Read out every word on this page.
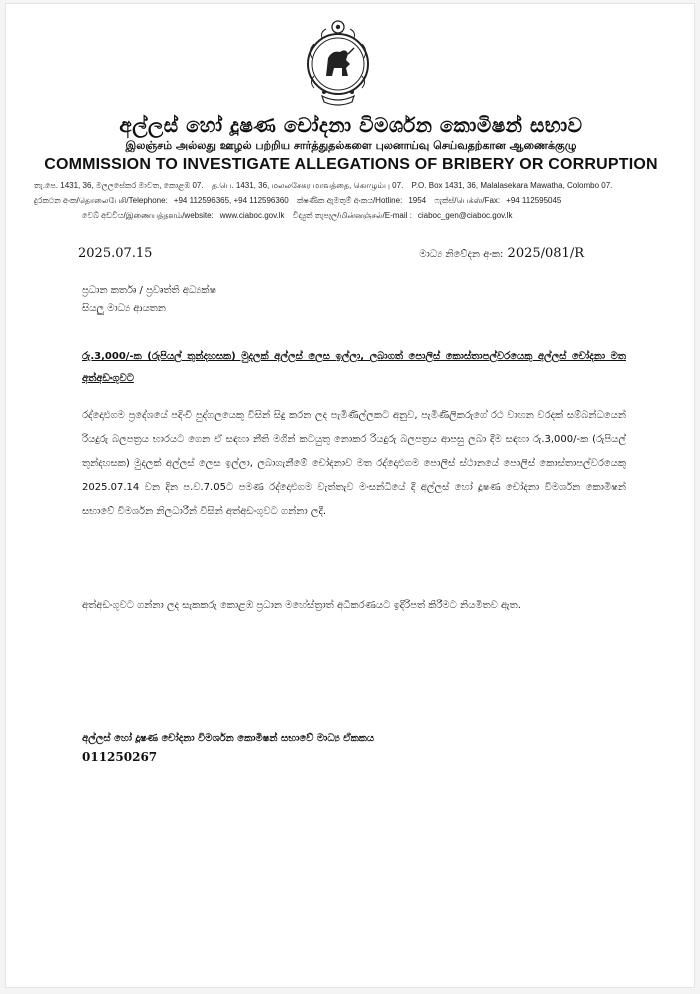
අල්ලස් හෝ දූෂණ චෝදනා විමර්ශන කොමිෂන් සභාව

இலஞ்சம் அல்லது ஊழல் பற்றிய சார்த்துதல்களை புலனாய்வு செய்வதற்கான ஆணைக்குழு

COMMISSION TO INVESTIGATE ALLEGATIONS OF BRIBERY OR CORRUPTION

තැ.පෙ. 1431, 36, මලලසේකර මාවත, කොළඹ 07. த.பெ. 1431, 36, மலலசேகர மாவத்தை, கொழும்பு 07. P.O. Box 1431, 36, Malalasekara Mawatha, Colombo 07.
දුරකථන අංක/தொலைபேசி/Telephone: +94 112596365, +94 112596360 ක්ෂණික ඇමතුම් අංකය/Hotline: 1954 ෆැක්ස්/பெக்ஸ்/Fax: +94 112595045
වෙබ් අඩවිය/இணையத்தளம்/website: www.ciaboc.gov.lk විද්‍යුත් තැපෑල/மின்னஞ்சல்/E-mail : ciaboc_gen@ciaboc.gov.lk
2025.07.15	මාධ්‍ය නිවේදන අංක: 2025/081/R
ප්‍රධාන කර්තෘ / ප්‍රවෘත්ති අධ්‍යක්ෂ
සියලු මාධ්‍ය ආයතන
රු.3,000/-ක (රුපියල් තුන්දහසක) මුදලක් අල්ලස් ලෙස ඉල්ලා, ලබාගත් පොලිස් කොස්තාපල්වරයෙකු අල්ලස් චෝදනා මත අත්අඩංගුවට
රද්දොළුගම ප්‍රදේශයේ පදිංචි පුද්ගලයෙකු විසින් සිදු කරන ලද පැමිණිල්ලකට අනුව, පැමිණිලිකරුගේ රථ වාහන වරදක් සම්බන්ධයෙන් රියදුරු බලපත්‍රය භාරයට ගෙන ඒ සඳහා නීති මගින් කටයුතු නොකර රියදුරු බලපත්‍රය ආපසු ලබා දීම සඳහා රු.3,000/-ක (රුපියල් තුන්දහසක) මුදලක් අල්ලස් ලෙස ඉල්ලා, ලබාගැනීමේ චෝදනාව මත රද්දොළුගම පොලිස් ස්ථානයේ පොලිස් කොස්තාපල්වරයෙකු 2025.07.14 වන දින ප.ව.7.05ට පමණ රද්දොළුගම වැත්තැව මංසන්ධියේ දී අල්ලස් හෝ දූෂණ චෝදනා විමර්ශන කොමිෂන් සභාවේ විමර්ශන නිලධාරීන් විසින් අත්අඩංගුවට ගන්නා ලදී.
අත්අඩංගුවට ගන්නා ලද සැකකරු කොළඹ ප්‍රධාන මහේස්ත්‍රාත් අධිකරණයට ඉදිරිපත් කිරීමට නියමිතව ඇත.
අල්ලස් හෝ දූෂණ චෝදනා විමර්ශන කොමිෂන් සභාවේ මාධ්‍ය ඒකකය
011250267
